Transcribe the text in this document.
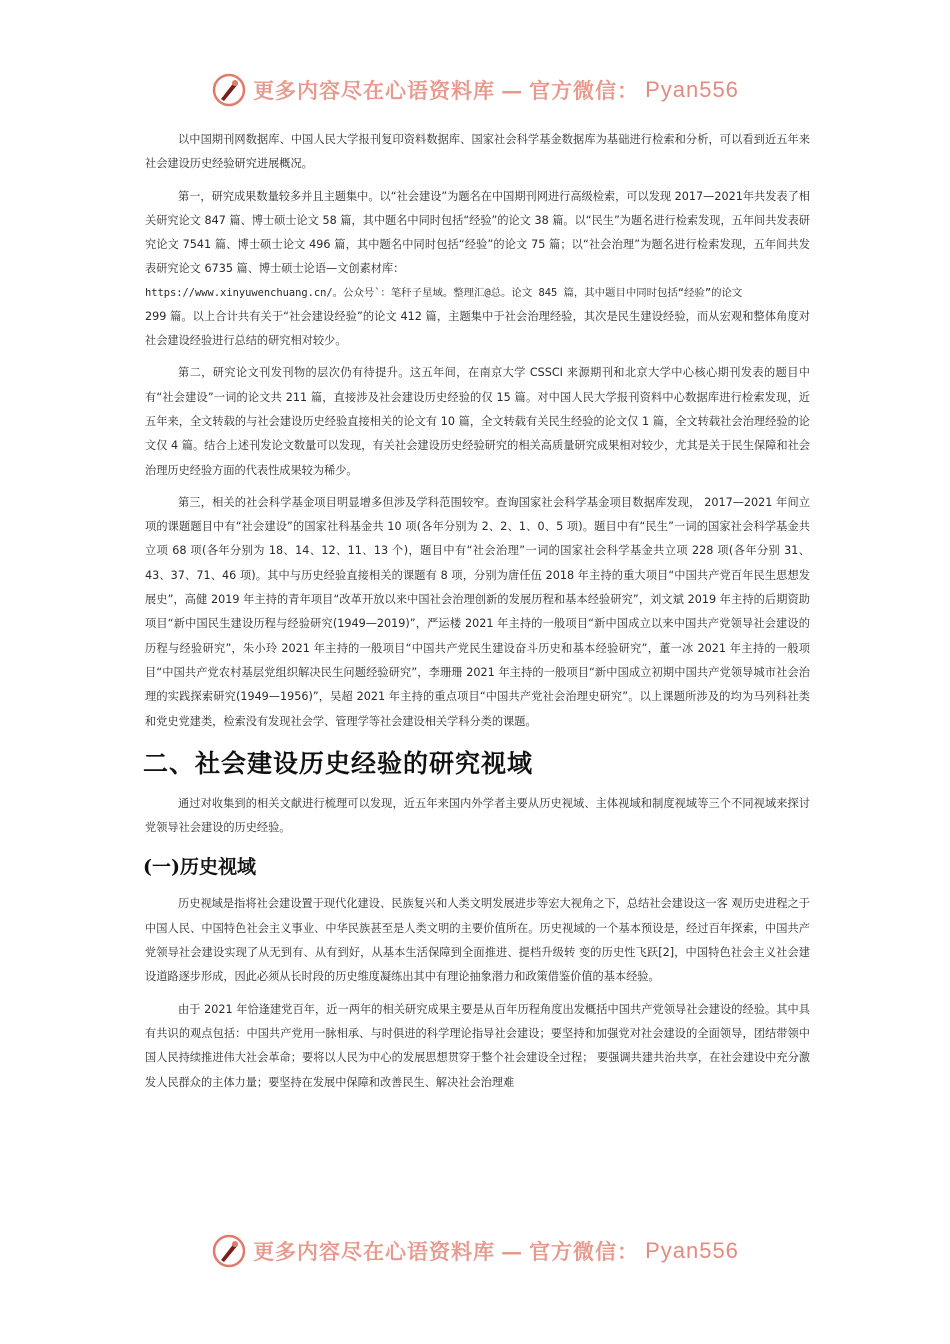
更多内容尽在心语资料库 — 官方微信： Pyan556

以中国期刊网数据库、中国人民大学报刊复印资料数据库、国家社会科学基金数据库为基础进行检索和分析，可以看到近五年来社会建设历史经验研究进展概况。

第一，研究成果数量较多并且主题集中。以“社会建设”为题名在中国期刊网进行高级检索，可以发现 2017—2021年共发表了相关研究论文 847 篇、博士硕士论文 58 篇，其中题名中同时包括“经验”的论文 38 篇。以“民生”为题名进行检索发现，五年间共发表研究论文 7541 篇、博士硕士论文 496 篇，其中题名中同时包括“经验”的论文 75 篇；以“社会治理”为题名进行检索发现，五年间共发表研究论文 6735 篇、博士硕士论语—文创素材库：

https://www.xinyuwenchuang.cn/。公众号`：笔秆子星域。整理汇@总。论文 845 篇，其中题目中同时包括“经验”的论文

299 篇。以上合计共有关于“社会建设经验”的论文 412 篇，主题集中于社会治理经验，其次是民生建设经验，而从宏观和整体角度对社会建设经验进行总结的研究相对较少。

第二，研究论文刊发刊物的层次仍有待提升。这五年间，在南京大学 CSSCI 来源期刊和北京大学中心核心期刊发表的题目中有“社会建设”一词的论文共 211 篇，直接涉及社会建设历史经验的仅 15 篇。对中国人民大学报刊资料中心数据库进行检索发现，近五年来，全文转载的与社会建设历史经验直接相关的论文有 10 篇，全文转载有关民生经验的论文仅 1 篇，全文转载社会治理经验的论文仅 4 篇。结合上述刊发论文数量可以发现，有关社会建设历史经验研究的相关高质量研究成果相对较少，尤其是关于民生保障和社会治理历史经验方面的代表性成果较为稀少。

第三，相关的社会科学基金项目明显增多但涉及学科范围较窄。查询国家社会科学基金项目数据库发现， 2017—2021 年间立项的课题题目中有“社会建设”的国家社科基金共 10 项(各年分别为 2、2、1、0、5 项)。题目中有“民生”一词的国家社会科学基金共立项 68 项(各年分别为 18、14、12、11、13 个)，题目中有“社会治理”一词的国家社会科学基金共立项 228 项(各年分别 31、43、37、71、46 项)。其中与历史经验直接相关的课题有 8 项，分别为唐任伍 2018 年主持的重大项目“中国共产党百年民生思想发展史”，高健 2019 年主持的青年项目“改革开放以来中国社会治理创新的发展历程和基本经验研究”，刘文斌 2019 年主持的后期资助项目“新中国民生建设历程与经验研究(1949—2019)”，严运楼 2021 年主持的一般项目“新中国成立以来中国共产党领导社会建设的历程与经验研究”，朱小玲 2021 年主持的一般项目“中国共产党民生建设奋斗历史和基本经验研究”，董一冰 2021 年主持的一般项目“中国共产党农村基层党组织解决民生问题经验研究”，李珊珊 2021 年主持的一般项目“新中国成立初期中国共产党领导城市社会治理的实践探索研究(1949—1956)”，吴超 2021 年主持的重点项目“中国共产党社会治理史研究”。以上课题所涉及的均为马列科社类和党史党建类，检索没有发现社会学、管理学等社会建设相关学科分类的课题。

二、社会建设历史经验的研究视域

通过对收集到的相关文献进行梳理可以发现，近五年来国内外学者主要从历史视域、主体视域和制度视域等三个不同视域来探讨党领导社会建设的历史经验。

(一)历史视域

历史视域是指将社会建设置于现代化建设、民族复兴和人类文明发展进步等宏大视角之下，总结社会建设这一客 观历史进程之于中国人民、中国特色社会主义事业、中华民族甚至是人类文明的主要价值所在。历史视域的一个基本预设是，经过百年探索，中国共产党领导社会建设实现了从无到有、从有到好，从基本生活保障到全面推进、提档升级转 变的历史性飞跃[2]，中国特色社会主义社会建设道路逐步形成，因此必须从长时段的历史维度凝练出其中有理论抽象潜力和政策借鉴价值的基本经验。

由于 2021 年恰逢建党百年，近一两年的相关研究成果主要是从百年历程角度出发概括中国共产党领导社会建设的经验。其中具有共识的观点包括：中国共产党用一脉相承、与时俱进的科学理论指导社会建设；要坚持和加强党对社会建设的全面领导，团结带领中国人民持续推进伟大社会革命；要将以人民为中心的发展思想贯穿于整个社会建设全过程； 要强调共建共治共享，在社会建设中充分激发人民群众的主体力量；要坚持在发展中保障和改善民生、解决社会治理难

更多内容尽在心语资料库 — 官方微信： Pyan556
